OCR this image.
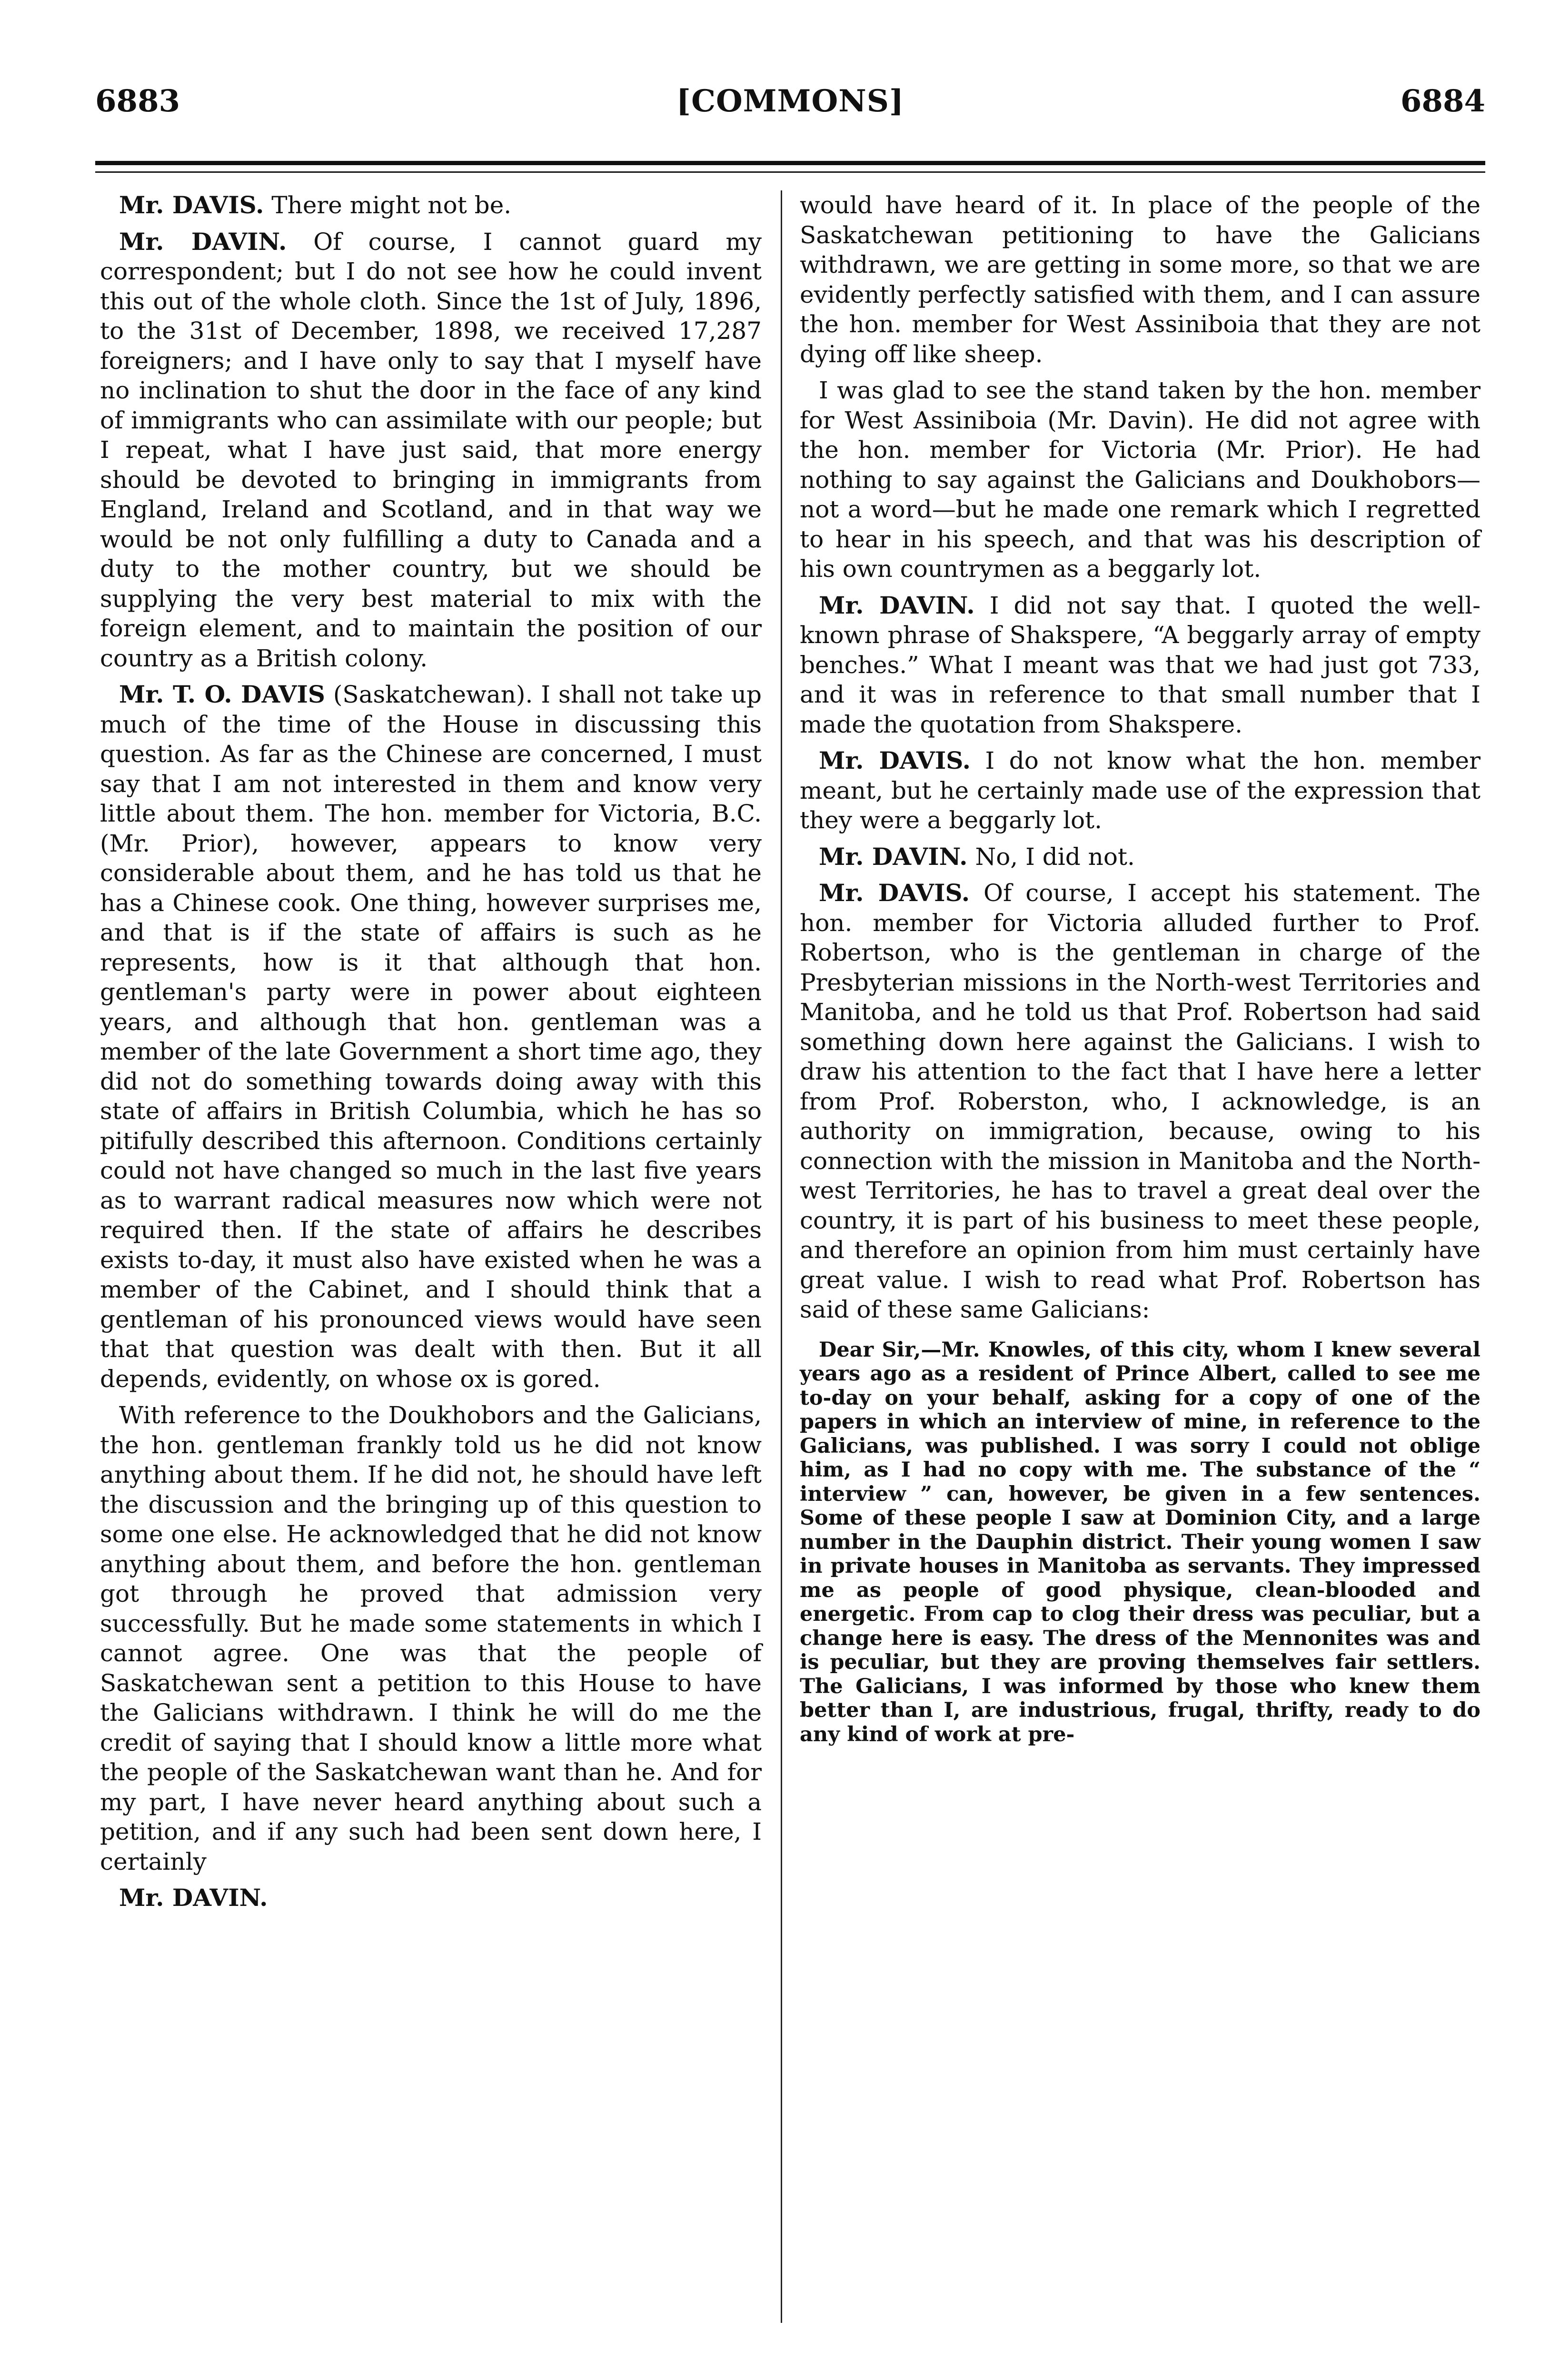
6883	[COMMONS]	6884

Mr. DAVIS. There might not be.

Mr. DAVIN. Of course, I cannot guard my correspondent; but I do not see how he could invent this out of the whole cloth. Since the 1st of July, 1896, to the 31st of December, 1898, we received 17,287 foreigners; and I have only to say that I myself have no inclination to shut the door in the face of any kind of immigrants who can assimilate with our people; but I repeat, what I have just said, that more energy should be devoted to bringing in immigrants from England, Ireland and Scotland, and in that way we would be not only fulfilling a duty to Canada and a duty to the mother country, but we should be supplying the very best material to mix with the foreign element, and to maintain the position of our country as a British colony.

Mr. T. O. DAVIS (Saskatchewan). I shall not take up much of the time of the House in discussing this question. As far as the Chinese are concerned, I must say that I am not interested in them and know very little about them. The hon. member for Victoria, B.C. (Mr. Prior), however, appears to know very considerable about them, and he has told us that he has a Chinese cook. One thing, however surprises me, and that is if the state of affairs is such as he represents, how is it that although that hon. gentleman's party were in power about eighteen years, and although that hon. gentleman was a member of the late Government a short time ago, they did not do something towards doing away with this state of affairs in British Columbia, which he has so pitifully described this afternoon. Conditions certainly could not have changed so much in the last five years as to warrant radical measures now which were not required then. If the state of affairs he describes exists to-day, it must also have existed when he was a member of the Cabinet, and I should think that a gentleman of his pronounced views would have seen that that question was dealt with then. But it all depends, evidently, on whose ox is gored.

With reference to the Doukhobors and the Galicians, the hon. gentleman frankly told us he did not know anything about them. If he did not, he should have left the discussion and the bringing up of this question to some one else. He acknowledged that he did not know anything about them, and before the hon. gentleman got through he proved that admission very successfully. But he made some statements in which I cannot agree. One was that the people of Saskatchewan sent a petition to this House to have the Galicians withdrawn. I think he will do me the credit of saying that I should know a little more what the people of the Saskatchewan want than he. And for my part, I have never heard anything about such a petition, and if any such had been sent down here, I certainly

Mr. DAVIN.

would have heard of it. In place of the people of the Saskatchewan petitioning to have the Galicians withdrawn, we are getting in some more, so that we are evidently perfectly satisfied with them, and I can assure the hon. member for West Assiniboia that they are not dying off like sheep.

I was glad to see the stand taken by the hon. member for West Assiniboia (Mr. Davin). He did not agree with the hon. member for Victoria (Mr. Prior). He had nothing to say against the Galicians and Doukhobors—not a word—but he made one remark which I regretted to hear in his speech, and that was his description of his own countrymen as a beggarly lot.

Mr. DAVIN. I did not say that. I quoted the well-known phrase of Shakspere, “A beggarly array of empty benches.” What I meant was that we had just got 733, and it was in reference to that small number that I made the quotation from Shakspere.

Mr. DAVIS. I do not know what the hon. member meant, but he certainly made use of the expression that they were a beggarly lot.

Mr. DAVIN. No, I did not.

Mr. DAVIS. Of course, I accept his statement. The hon. member for Victoria alluded further to Prof. Robertson, who is the gentleman in charge of the Presbyterian missions in the North-west Territories and Manitoba, and he told us that Prof. Robertson had said something down here against the Galicians. I wish to draw his attention to the fact that I have here a letter from Prof. Roberston, who, I acknowledge, is an authority on immigration, because, owing to his connection with the mission in Manitoba and the North-west Territories, he has to travel a great deal over the country, it is part of his business to meet these people, and therefore an opinion from him must certainly have great value. I wish to read what Prof. Robertson has said of these same Galicians:

Dear Sir,—Mr. Knowles, of this city, whom I knew several years ago as a resident of Prince Albert, called to see me to-day on your behalf, asking for a copy of one of the papers in which an interview of mine, in reference to the Galicians, was published. I was sorry I could not oblige him, as I had no copy with me. The substance of the “ interview ” can, however, be given in a few sentences. Some of these people I saw at Dominion City, and a large number in the Dauphin district. Their young women I saw in private houses in Manitoba as servants. They impressed me as people of good physique, clean-blooded and energetic. From cap to clog their dress was peculiar, but a change here is easy. The dress of the Mennonites was and is peculiar, but they are proving themselves fair settlers. The Galicians, I was informed by those who knew them better than I, are industrious, frugal, thrifty, ready to do any kind of work at pre-
